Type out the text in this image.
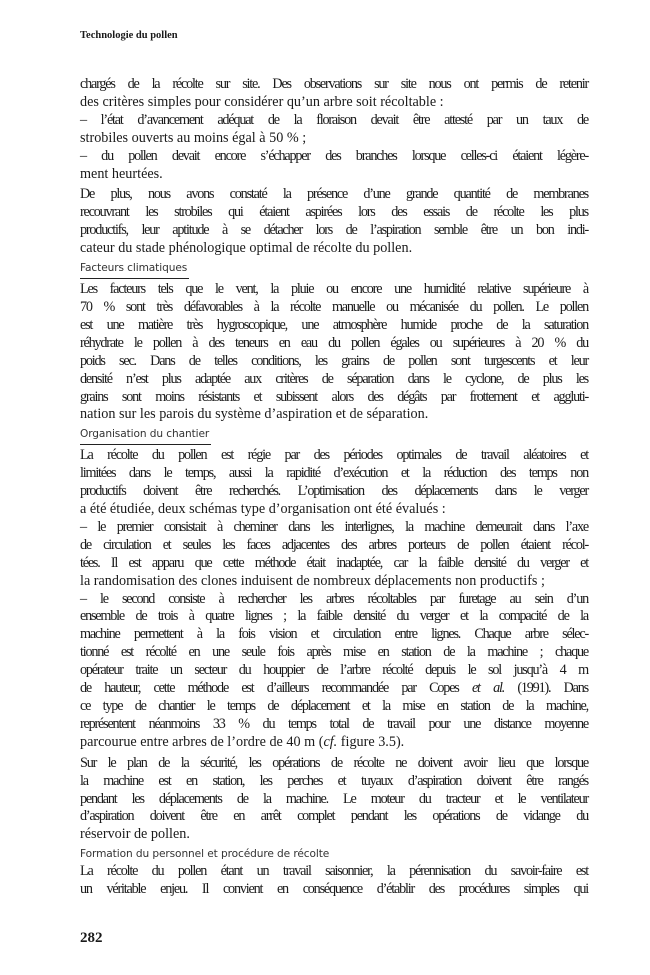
Technologie du pollen
chargés de la récolte sur site. Des observations sur site nous ont permis de retenir
des critères simples pour considérer qu’un arbre soit récoltable :
– l’état d’avancement adéquat de la floraison devait être attesté par un taux de
strobiles ouverts au moins égal à 50 % ;
– du pollen devait encore s’échapper des branches lorsque celles-ci étaient légère-
ment heurtées.
De plus, nous avons constaté la présence d’une grande quantité de membranes
recouvrant les strobiles qui étaient aspirées lors des essais de récolte les plus
productifs, leur aptitude à se détacher lors de l’aspiration semble être un bon indi-
cateur du stade phénologique optimal de récolte du pollen.
Facteurs climatiques
Les facteurs tels que le vent, la pluie ou encore une humidité relative supérieure à
70 % sont très défavorables à la récolte manuelle ou mécanisée du pollen. Le pollen
est une matière très hygroscopique, une atmosphère humide proche de la saturation
réhydrate le pollen à des teneurs en eau du pollen égales ou supérieures à 20 % du
poids sec. Dans de telles conditions, les grains de pollen sont turgescents et leur
densité n’est plus adaptée aux critères de séparation dans le cyclone, de plus les
grains sont moins résistants et subissent alors des dégâts par frottement et aggluti-
nation sur les parois du système d’aspiration et de séparation.
Organisation du chantier
La récolte du pollen est régie par des périodes optimales de travail aléatoires et
limitées dans le temps, aussi la rapidité d’exécution et la réduction des temps non
productifs doivent être recherchés. L’optimisation des déplacements dans le verger
a été étudiée, deux schémas type d’organisation ont été évalués :
– le premier consistait à cheminer dans les interlignes, la machine demeurait dans l’axe
de circulation et seules les faces adjacentes des arbres porteurs de pollen étaient récol-
tées. Il est apparu que cette méthode était inadaptée, car la faible densité du verger et
la randomisation des clones induisent de nombreux déplacements non productifs ;
– le second consiste à rechercher les arbres récoltables par furetage au sein d’un
ensemble de trois à quatre lignes ; la faible densité du verger et la compacité de la
machine permettent à la fois vision et circulation entre lignes. Chaque arbre sélec-
tionné est récolté en une seule fois après mise en station de la machine ; chaque
opérateur traite un secteur du houppier de l’arbre récolté depuis le sol jusqu’à 4 m
de hauteur, cette méthode est d’ailleurs recommandée par Copes et al. (1991). Dans
ce type de chantier le temps de déplacement et la mise en station de la machine,
représentent néanmoins 33 % du temps total de travail pour une distance moyenne
parcourue entre arbres de l’ordre de 40 m (cf. figure 3.5).
Sur le plan de la sécurité, les opérations de récolte ne doivent avoir lieu que lorsque
la machine est en station, les perches et tuyaux d’aspiration doivent être rangés
pendant les déplacements de la machine. Le moteur du tracteur et le ventilateur
d’aspiration doivent être en arrêt complet pendant les opérations de vidange du
réservoir de pollen.
Formation du personnel et procédure de récolte
La récolte du pollen étant un travail saisonnier, la pérennisation du savoir-faire est
un véritable enjeu. Il convient en conséquence d’établir des procédures simples qui
282
